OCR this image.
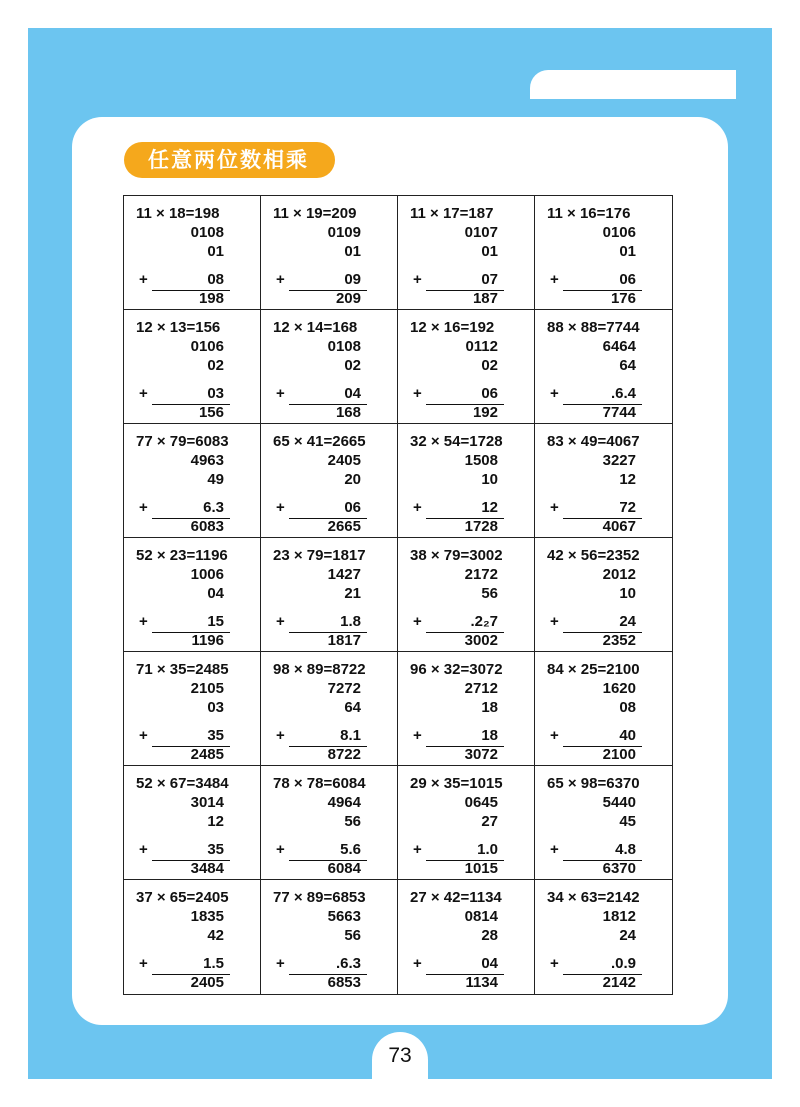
任意两位数相乘
11 × 18=198
0108
01
08
198
+
11 × 19=209
0109
01
09
209
+
11 × 17=187
0107
01
07
187
+
11 × 16=176
0106
01
06
176
+
12 × 13=156
0106
02
03
156
+
12 × 14=168
0108
02
04
168
+
12 × 16=192
0112
02
06
192
+
88 × 88=7744
6464
64
.6.4
7744
+
77 × 79=6083
4963
49
6.3
6083
+
65 × 41=2665
2405
20
06
2665
+
32 × 54=1728
1508
10
12
1728
+
83 × 49=4067
3227
12
72
4067
+
52 × 23=1196
1006
04
15
1196
+
23 × 79=1817
1427
21
1.8
1817
+
38 × 79=3002
2172
56
.2₂7
3002
+
42 × 56=2352
2012
10
24
2352
+
71 × 35=2485
2105
03
35
2485
+
98 × 89=8722
7272
64
8.1
8722
+
96 × 32=3072
2712
18
18
3072
+
84 × 25=2100
1620
08
40
2100
+
52 × 67=3484
3014
12
35
3484
+
78 × 78=6084
4964
56
5.6
6084
+
29 × 35=1015
0645
27
1.0
1015
+
65 × 98=6370
5440
45
4.8
6370
+
37 × 65=2405
1835
42
1.5
2405
+
77 × 89=6853
5663
56
.6.3
6853
+
27 × 42=1134
0814
28
04
1134
+
34 × 63=2142
1812
24
.0.9
2142
+
73
